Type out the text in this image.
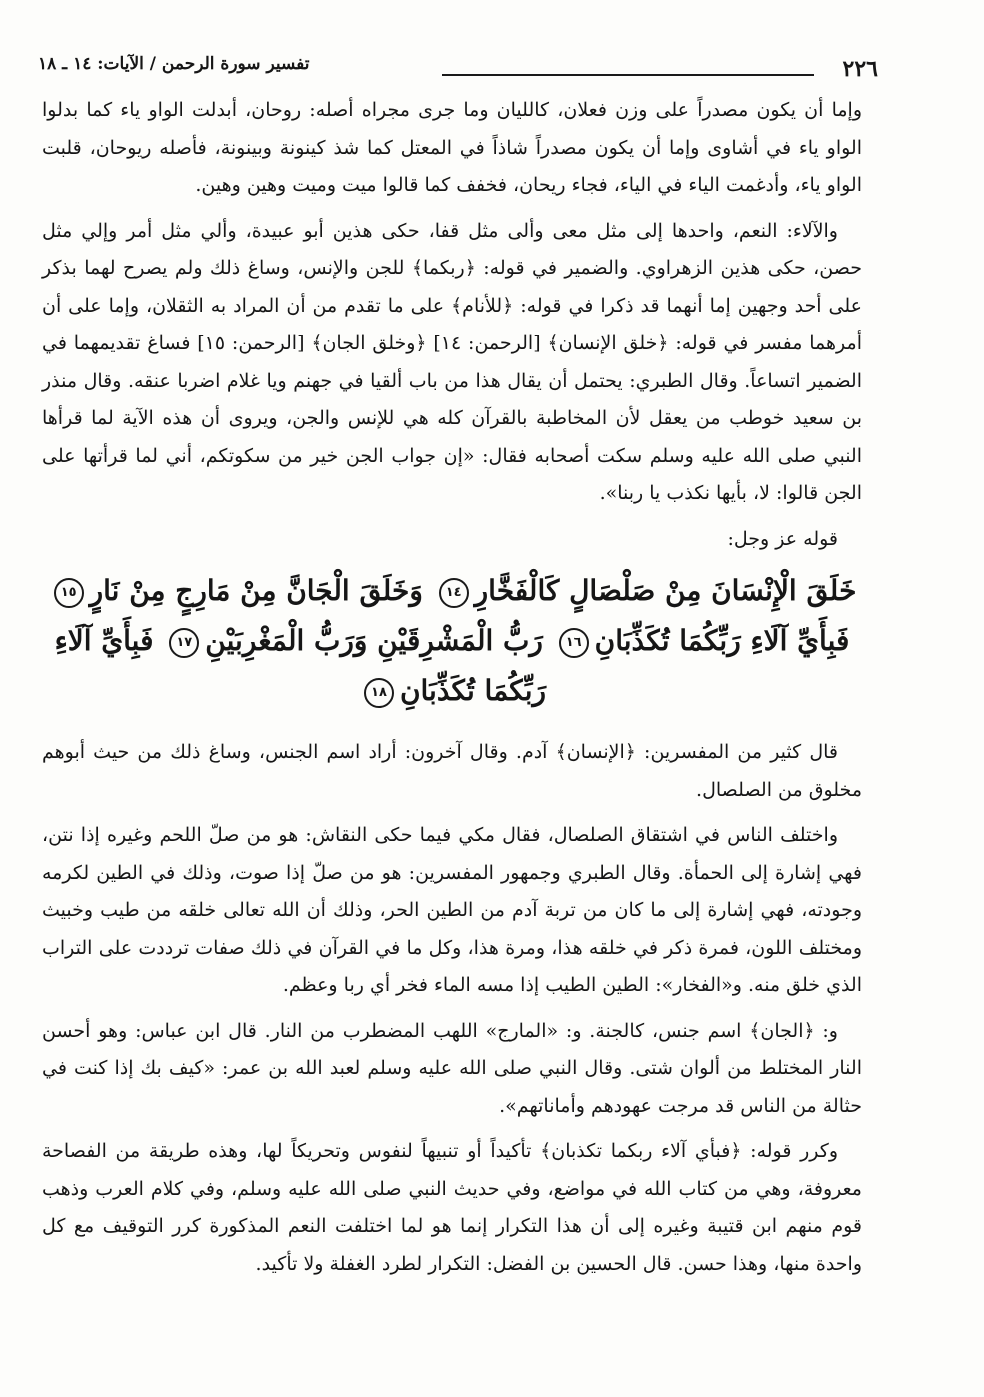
٢٢٦
تفسير سورة الرحمن / الآيات: ١٤ ـ ١٨

وإما أن يكون مصدراً على وزن فعلان، كالليان وما جرى مجراه أصله: روحان، أبدلت الواو ياء كما بدلوا الواو ياء في أشاوى وإما أن يكون مصدراً شاذاً في المعتل كما شذ كينونة وبينونة، فأصله ريوحان، قلبت الواو ياء، وأدغمت الياء في الياء، فجاء ريحان، فخفف كما قالوا ميت وميت وهين وهين.

والآلاء: النعم، واحدها إلى مثل معى وألى مثل قفا، حكى هذين أبو عبيدة، وألي مثل أمر وإلي مثل حصن، حكى هذين الزهراوي. والضمير في قوله: ﴿ربكما﴾ للجن والإنس، وساغ ذلك ولم يصرح لهما بذكر على أحد وجهين إما أنهما قد ذكرا في قوله: ﴿للأنام﴾ على ما تقدم من أن المراد به الثقلان، وإما على أن أمرهما مفسر في قوله: ﴿خلق الإنسان﴾ [الرحمن: ١٤] ﴿وخلق الجان﴾ [الرحمن: ١٥] فساغ تقديمهما في الضمير اتساعاً. وقال الطبري: يحتمل أن يقال هذا من باب ألقيا في جهنم ويا غلام اضربا عنقه. وقال منذر بن سعيد خوطب من يعقل لأن المخاطبة بالقرآن كله هي للإنس والجن، ويروى أن هذه الآية لما قرأها النبي صلى الله عليه وسلم سكت أصحابه فقال: «إن جواب الجن خير من سكوتكم، أني لما قرأتها على الجن قالوا: لا، بأيها نكذب يا ربنا».

قوله عز وجل:
خَلَقَ الْإِنْسَانَ مِنْ صَلْصَالٍ كَالْفَخَّارِ١٤ وَخَلَقَ الْجَانَّ مِنْ مَارِجٍ مِنْ نَارٍ١٥ فَبِأَيِّ آلَاءِ رَبِّكُمَا تُكَذِّبَانِ١٦ رَبُّ الْمَشْرِقَيْنِ وَرَبُّ الْمَغْرِبَيْنِ١٧ فَبِأَيِّ آلَاءِ رَبِّكُمَا تُكَذِّبَانِ١٨

قال كثير من المفسرين: ﴿الإنسان﴾ آدم. وقال آخرون: أراد اسم الجنس، وساغ ذلك من حيث أبوهم مخلوق من الصلصال.

واختلف الناس في اشتقاق الصلصال، فقال مكي فيما حكى النقاش: هو من صلّ اللحم وغيره إذا نتن، فهي إشارة إلى الحمأة. وقال الطبري وجمهور المفسرين: هو من صلّ إذا صوت، وذلك في الطين لكرمه وجودته، فهي إشارة إلى ما كان من تربة آدم من الطين الحر، وذلك أن الله تعالى خلقه من طيب وخبيث ومختلف اللون، فمرة ذكر في خلقه هذا، ومرة هذا، وكل ما في القرآن في ذلك صفات ترددت على التراب الذي خلق منه. و«الفخار»: الطين الطيب إذا مسه الماء فخر أي ربا وعظم.

و: ﴿الجان﴾ اسم جنس، كالجنة. و: «المارج» اللهب المضطرب من النار. قال ابن عباس: وهو أحسن النار المختلط من ألوان شتى. وقال النبي صلى الله عليه وسلم لعبد الله بن عمر: «كيف بك إذا كنت في حثالة من الناس قد مرجت عهودهم وأماناتهم».

وكرر قوله: ﴿فبأي آلاء ربكما تكذبان﴾ تأكيداً أو تنبيهاً لنفوس وتحريكاً لها، وهذه طريقة من الفصاحة معروفة، وهي من كتاب الله في مواضع، وفي حديث النبي صلى الله عليه وسلم، وفي كلام العرب وذهب قوم منهم ابن قتيبة وغيره إلى أن هذا التكرار إنما هو لما اختلفت النعم المذكورة كرر التوقيف مع كل واحدة منها، وهذا حسن. قال الحسين بن الفضل: التكرار لطرد الغفلة ولا تأكيد.
